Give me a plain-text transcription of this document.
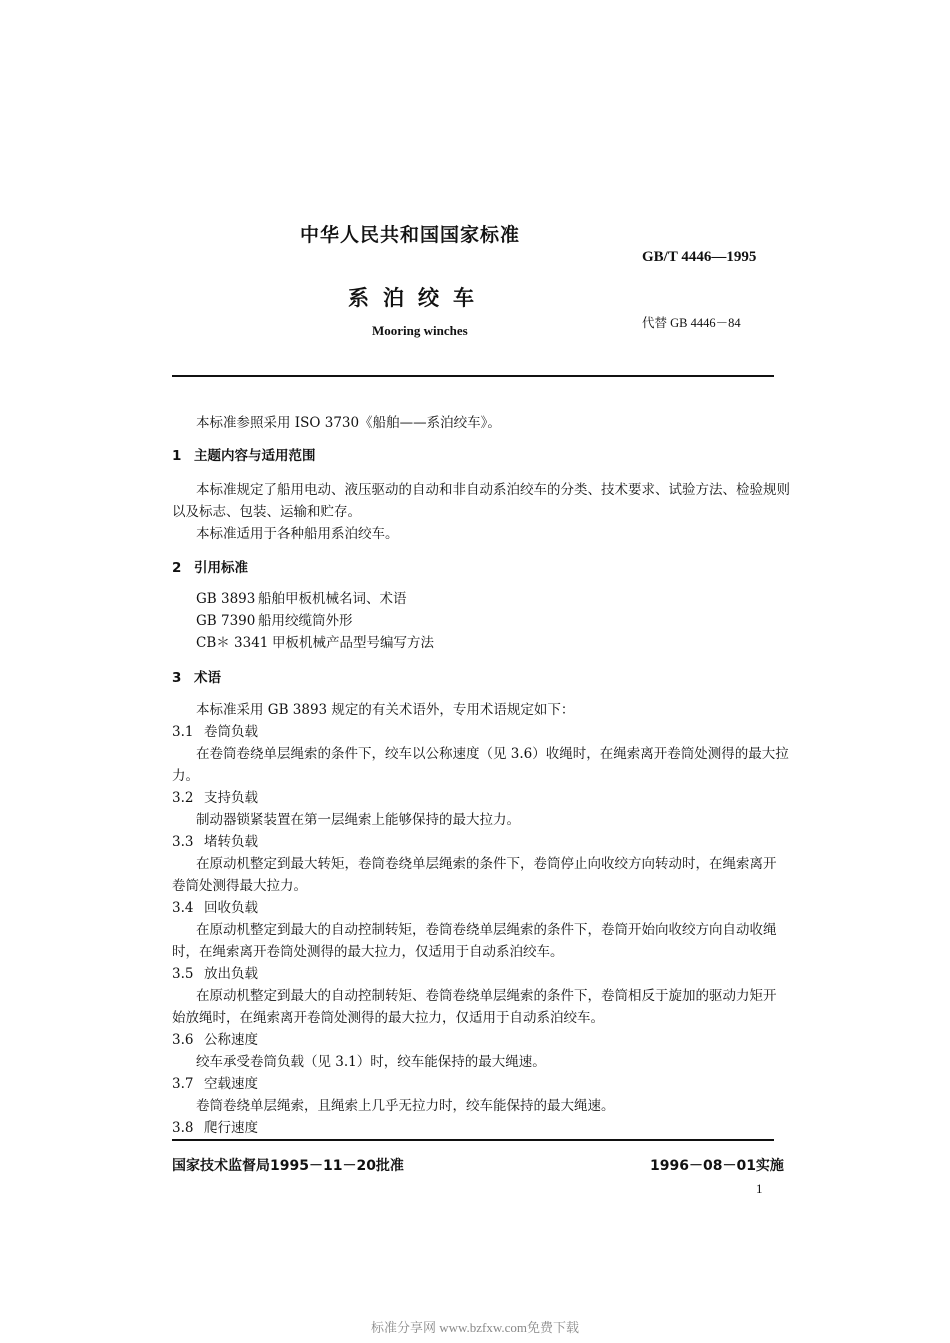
中华人民共和国国家标准
GB/T 4446—1995
系泊绞车
代替 GB 4446－84
Mooring winches
本标准参照采用 ISO 3730《船舶——系泊绞车》。
1 主题内容与适用范围
本标准规定了船用电动、液压驱动的自动和非自动系泊绞车的分类、技术要求、试验方法、检验规则
以及标志、包装、运输和贮存。
本标准适用于各种船用系泊绞车。
2 引用标准
GB 3893 船舶甲板机械名词、术语
GB 7390 船用绞缆筒外形
CB＊ 3341 甲板机械产品型号编写方法
3 术语
本标准采用 GB 3893 规定的有关术语外，专用术语规定如下：
3.1 卷筒负载
在卷筒卷绕单层绳索的条件下，绞车以公称速度（见 3.6）收绳时，在绳索离开卷筒处测得的最大拉
力。
3.2 支持负载
制动器锁紧装置在第一层绳索上能够保持的最大拉力。
3.3 堵转负载
在原动机整定到最大转矩，卷筒卷绕单层绳索的条件下，卷筒停止向收绞方向转动时，在绳索离开
卷筒处测得最大拉力。
3.4 回收负载
在原动机整定到最大的自动控制转矩，卷筒卷绕单层绳索的条件下，卷筒开始向收绞方向自动收绳
时，在绳索离开卷筒处测得的最大拉力，仅适用于自动系泊绞车。
3.5 放出负载
在原动机整定到最大的自动控制转矩、卷筒卷绕单层绳索的条件下，卷筒相反于旋加的驱动力矩开
始放绳时，在绳索离开卷筒处测得的最大拉力，仅适用于自动系泊绞车。
3.6 公称速度
绞车承受卷筒负载（见 3.1）时，绞车能保持的最大绳速。
3.7 空载速度
卷筒卷绕单层绳索，且绳索上几乎无拉力时，绞车能保持的最大绳速。
3.8 爬行速度
国家技术监督局1995－11－20批准	1996－08－01实施
1
标准分享网 www.bzfxw.com免费下载
